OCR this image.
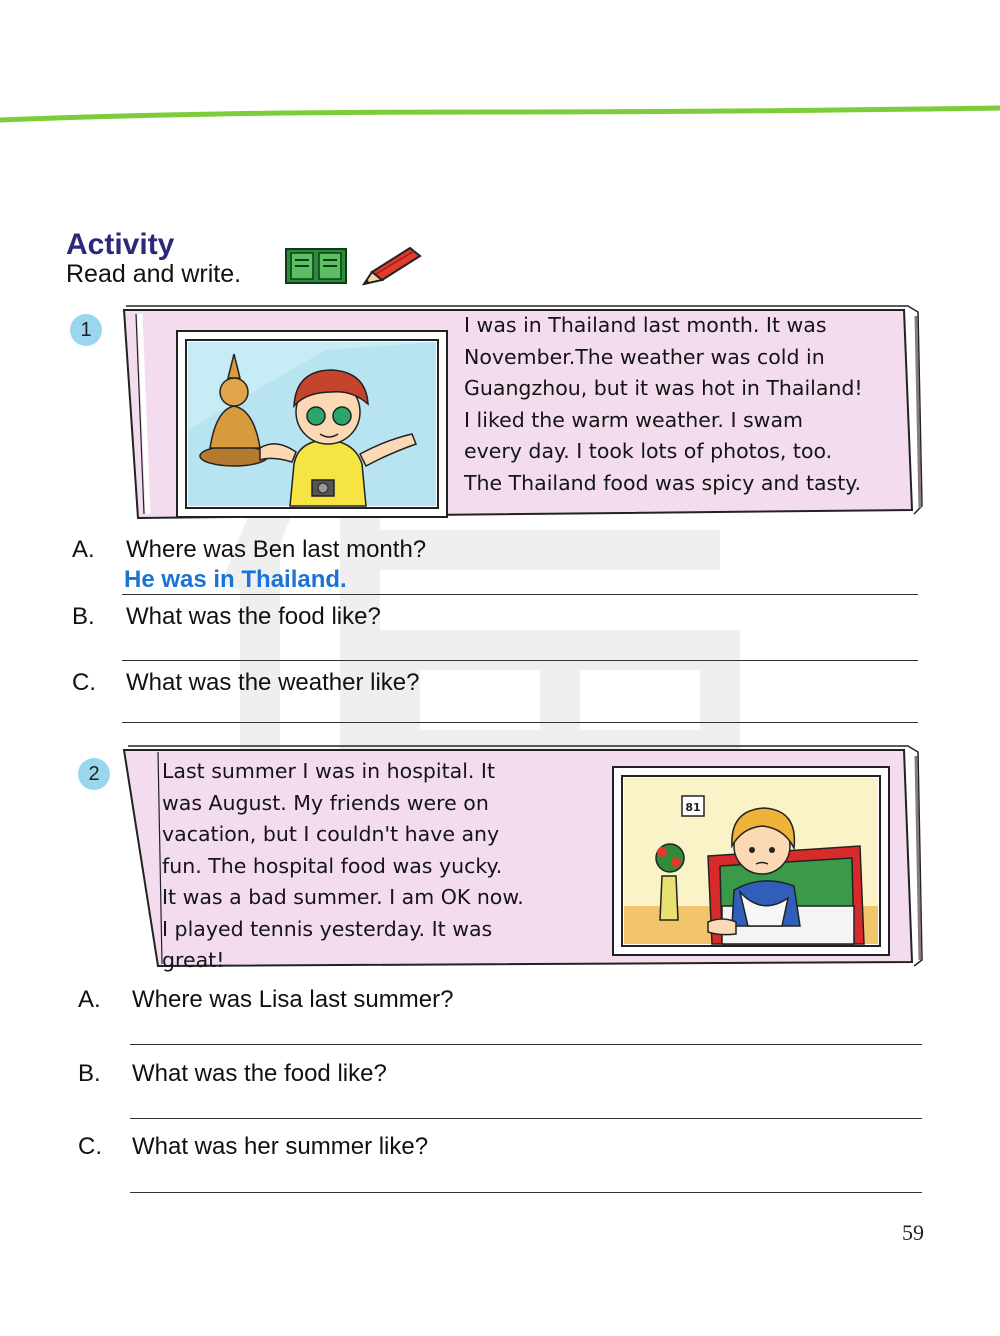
Activity
Read and write.
1	I was in Thailand last month. It was
November.The weather was cold in
Guangzhou, but it was hot in Thailand!
I liked the warm weather. I swam
every day. I took lots of photos, too.
The Thailand food was spicy and tasty.
A. Where was Ben last month?
He was in Thailand.
B. What was the food like?
C. What was the weather like?
2
81
Last summer I was in hospital. It
was August. My friends were on
vacation, but I couldn't have any
fun. The hospital food was yucky.
It was a bad summer. I am OK now.
I played tennis yesterday. It was
great!
A. Where was Lisa last summer?
B. What was the food like?
C. What was her summer like?
59
